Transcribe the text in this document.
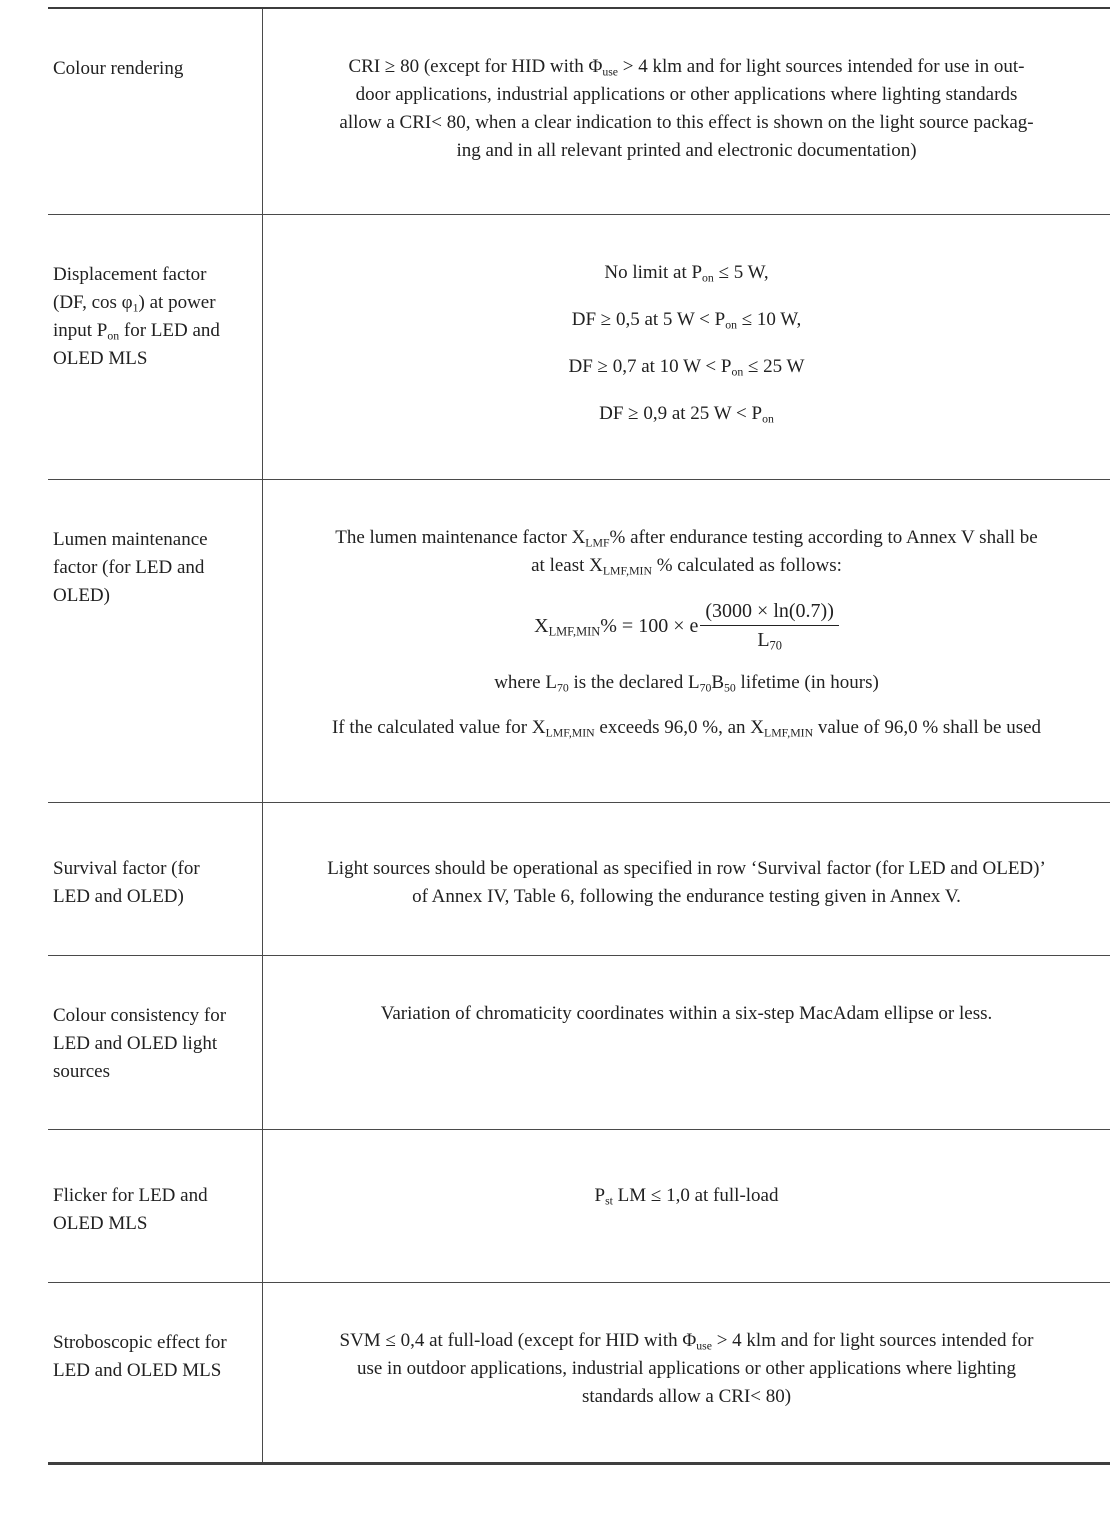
Colour rendering	CRI ≥ 80 (except for HID with $\Phi_{use} > 4$ klm and for light sources intended for use in out-
door applications, industrial applications or other applications where lighting standards
allow a CRI< 80, when a clear indication to this effect is shown on the light source packag-
ing and in all relevant printed and electronic documentation)
Displacement factor
(DF, $\cos \varphi_1$) at power
input $P_{on}$ for LED and
OLED MLS
No limit at $P_{on} \le 5$ W,
DF ≥ 0,5 at 5 $W < P_{on} \le 10$ W,
DF ≥ 0,7 at 10 $W < P_{on} \le 25$ W
DF ≥ 0,9 at 25 $W < P_{on}$
Lumen maintenance
factor (for LED and
OLED)
The lumen maintenance factor $X_{LMF}\%$ after endurance testing according to Annex V shall be
at least $X_{LMF,MIN}$ % calculated as follows:
$X_{LMF,MIN}\% = 100 \times e \frac{(3000 \times \ln(0.7))}{L_{70}}$
where $L_{70}$ is the declared $L_{70}B_{50}$ lifetime (in hours)
If the calculated value for $X_{LMF,MIN}$ exceeds 96,0 %, an $X_{LMF,MIN}$ value of 96,0 % shall be used
Survival factor (for
LED and OLED)
Light sources should be operational as specified in row ‘Survival factor (for LED and OLED)’
of Annex IV, Table 6, following the endurance testing given in Annex V.
Colour consistency for
LED and OLED light
sources
Variation of chromaticity coordinates within a six-step MacAdam ellipse or less.
Flicker for LED and
OLED MLS
$P_{st}$ LM ≤ 1,0 at full-load
Stroboscopic effect for
LED and OLED MLS
SVM ≤ 0,4 at full-load (except for HID with $\Phi_{use} > 4$ klm and for light sources intended for
use in outdoor applications, industrial applications or other applications where lighting
standards allow a CRI< 80)
